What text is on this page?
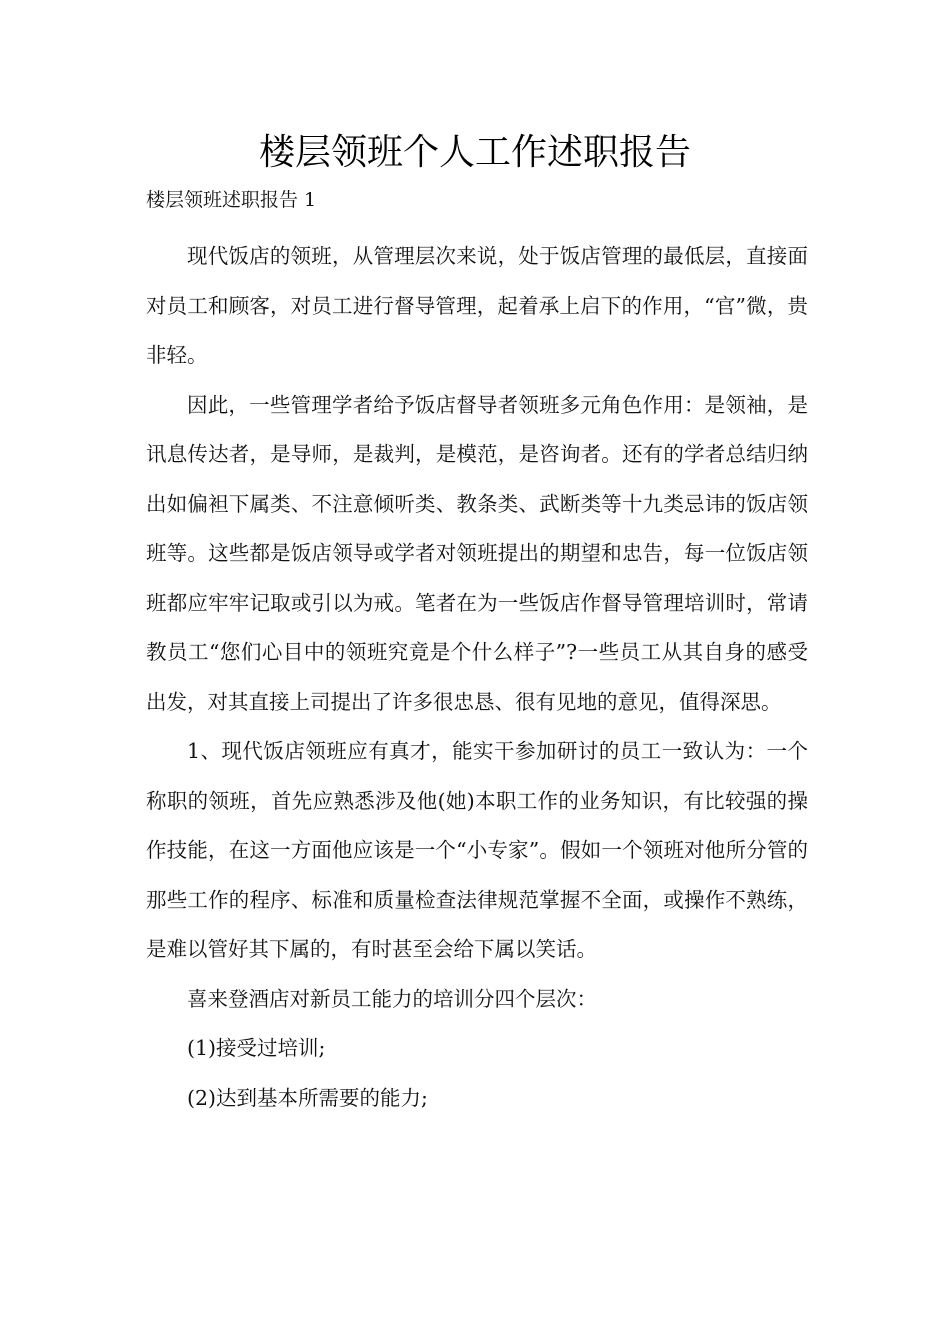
楼层领班个人工作述职报告
楼层领班述职报告 1

现代饭店的领班，从管理层次来说，处于饭店管理的最低层，直接面对员工和顾客，对员工进行督导管理，起着承上启下的作用，“官”微，贵非轻。

因此，一些管理学者给予饭店督导者领班多元角色作用：是领袖，是讯息传达者，是导师，是裁判，是模范，是咨询者。还有的学者总结归纳出如偏袒下属类、不注意倾听类、教条类、武断类等十九类忌讳的饭店领班等。这些都是饭店领导或学者对领班提出的期望和忠告，每一位饭店领班都应牢牢记取或引以为戒。笔者在为一些饭店作督导管理培训时，常请教员工“您们心目中的领班究竟是个什么样子”?一些员工从其自身的感受出发，对其直接上司提出了许多很忠恳、很有见地的意见，值得深思。

1、现代饭店领班应有真才，能实干参加研讨的员工一致认为：一个称职的领班，首先应熟悉涉及他(她)本职工作的业务知识，有比较强的操作技能，在这一方面他应该是一个“小专家”。假如一个领班对他所分管的那些工作的程序、标准和质量检查法律规范掌握不全面，或操作不熟练，是难以管好其下属的，有时甚至会给下属以笑话。

喜来登酒店对新员工能力的培训分四个层次：

(1)接受过培训;

(2)达到基本所需要的能力;
